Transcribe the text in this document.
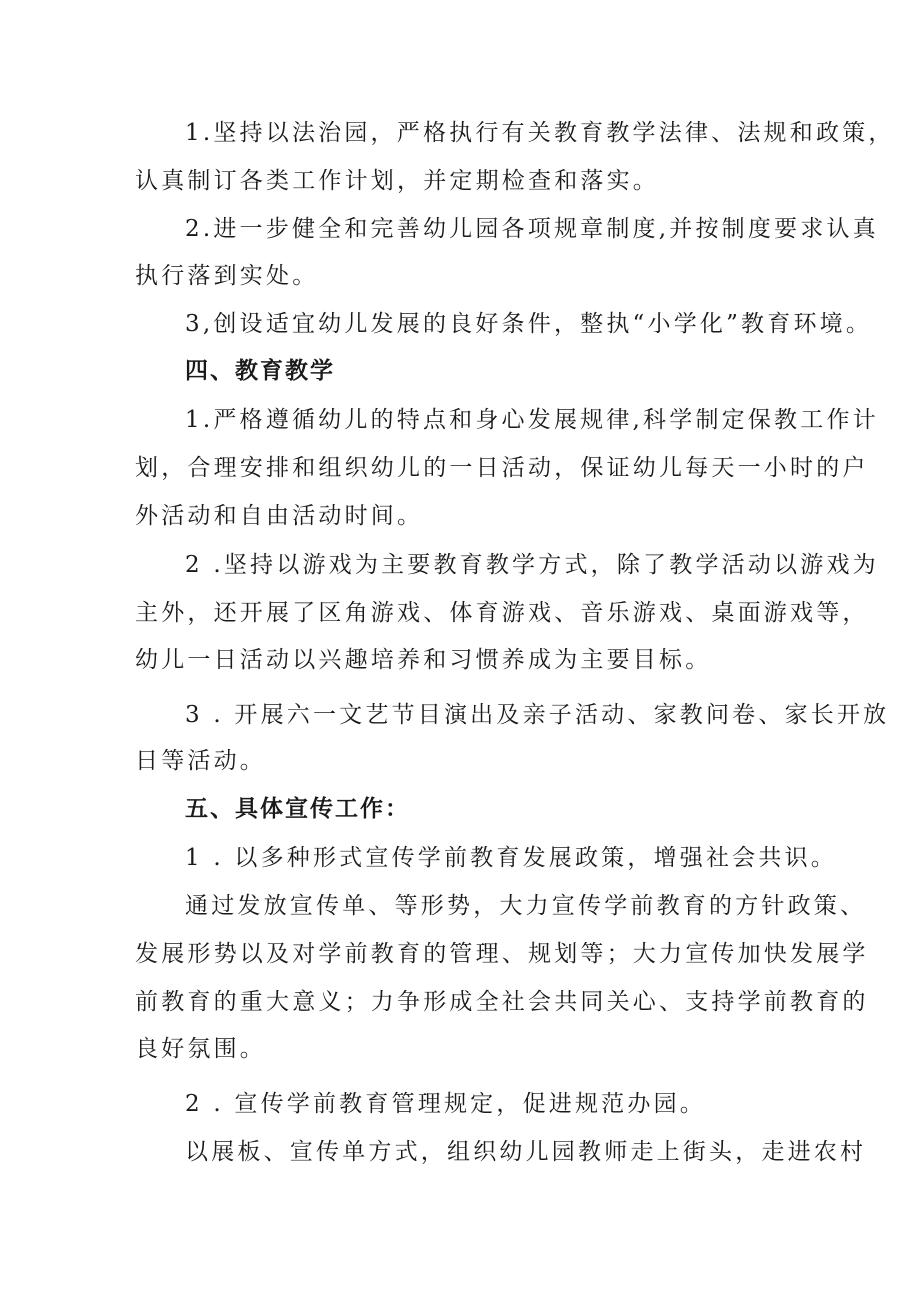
1.坚持以法治园，严格执行有关教育教学法律、法规和政策，
认真制订各类工作计划，并定期检查和落实。
2.进一步健全和完善幼儿园各项规章制度,并按制度要求认真
执行落到实处。
3,创设适宜幼儿发展的良好条件，整执“小学化”教育环境。
四、教育教学
1.严格遵循幼儿的特点和身心发展规律,科学制定保教工作计
划，合理安排和组织幼儿的一日活动，保证幼儿每天一小时的户
外活动和自由活动时间。
2 .坚持以游戏为主要教育教学方式，除了教学活动以游戏为
主外，还开展了区角游戏、体育游戏、音乐游戏、桌面游戏等，
幼儿一日活动以兴趣培养和习惯养成为主要目标。
3 . 开展六一文艺节目演出及亲子活动、家教问卷、家长开放
日等活动。
五、具体宣传工作：
1 . 以多种形式宣传学前教育发展政策，增强社会共识。
通过发放宣传单、等形势，大力宣传学前教育的方针政策、
发展形势以及对学前教育的管理、规划等；大力宣传加快发展学
前教育的重大意义；力争形成全社会共同关心、支持学前教育的
良好氛围。
2 . 宣传学前教育管理规定，促进规范办园。
以展板、宣传单方式，组织幼儿园教师走上街头，走进农村
